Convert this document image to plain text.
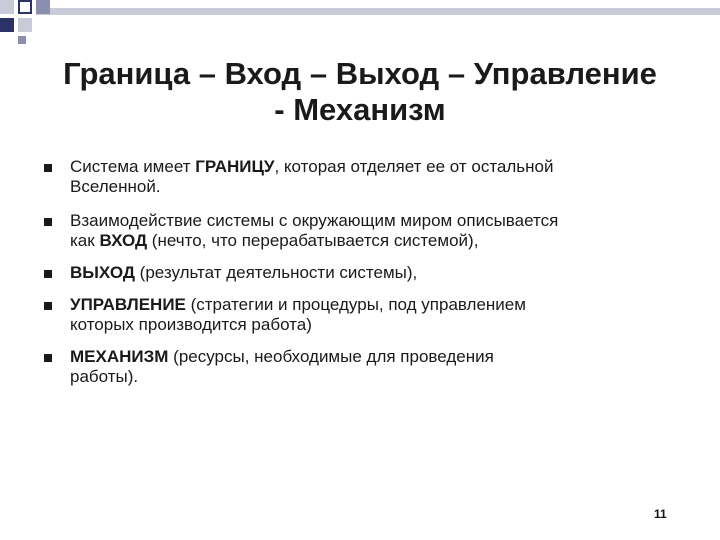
Граница – Вход – Выход – Управление
- Механизм
Система имеет ГРАНИЦУ, которая отделяет ее от остальной
Вселенной.
Взаимодействие системы с окружающим миром описывается
как ВХОД (нечто, что перерабатывается системой),
ВЫХОД (результат деятельности системы),
УПРАВЛЕНИЕ (стратегии и процедуры, под управлением
которых производится работа)
МЕХАНИЗМ (ресурсы, необходимые для проведения
работы).
11
